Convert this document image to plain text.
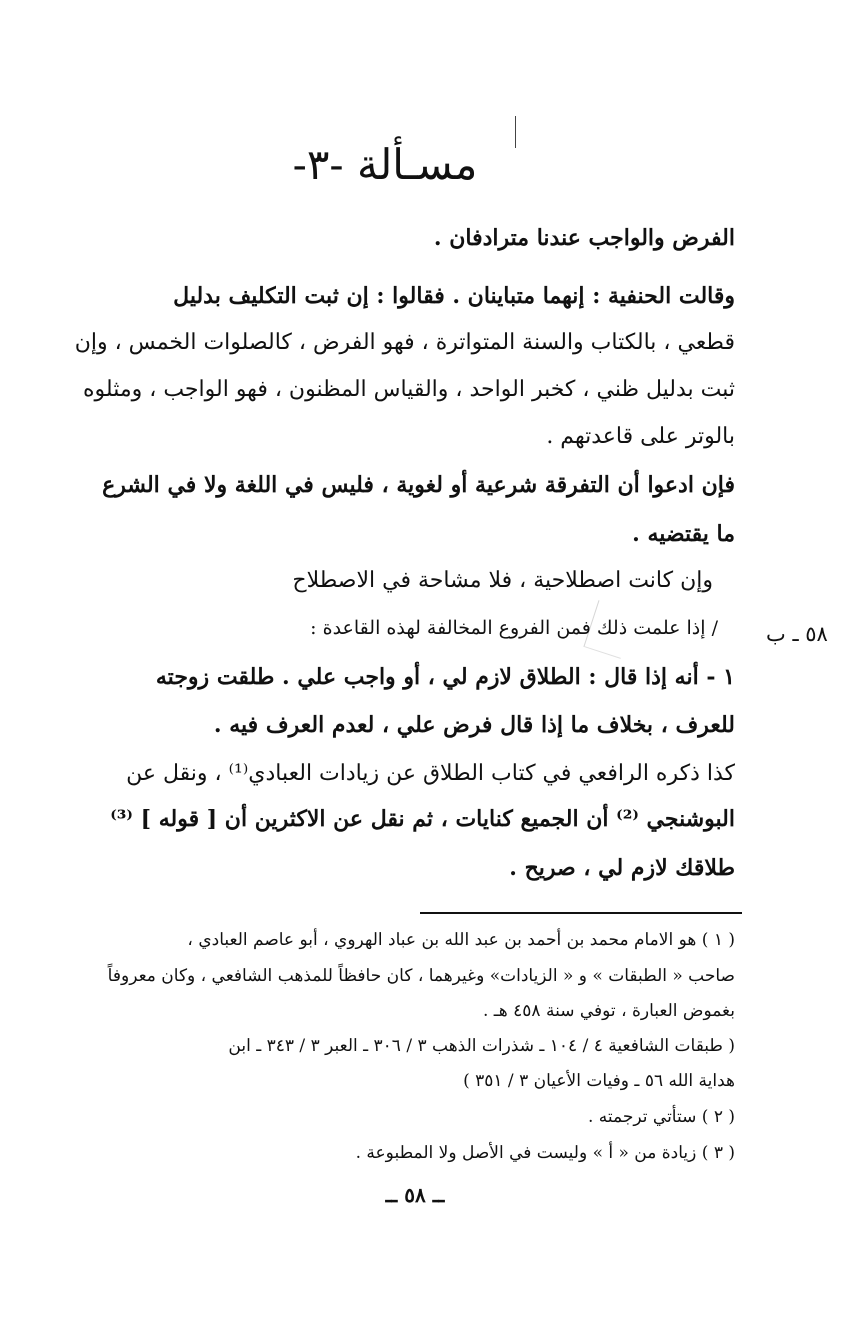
مسـألة -٣-
الفرض والواجب عندنا مترادفان .
وقالت الحنفية : إنهما متباينان . فقالوا : إن ثبت التكليف بدليل
قطعي ، بالكتاب والسنة المتواترة ، فهو الفرض ، كالصلوات الخمس ، وإن
ثبت بدليل ظني ، كخبر الواحد ، والقياس المظنون ، فهو الواجب ، ومثلوه
بالوتر على قاعدتهم .
فإن ادعوا أن التفرقة شرعية أو لغوية ، فليس في اللغة ولا في الشرع
ما يقتضيه .
وإن كانت اصطلاحية ، فلا مشاحة في الاصطلاح
/ إذا علمت ذلك فمن الفروع المخالفة لهذه القاعدة : ٥٨ ـ ب
١ - أنه إذا قال : الطلاق لازم لي ، أو واجب علي . طلقت زوجته
للعرف ، بخلاف ما إذا قال فرض علي ، لعدم العرف فيه .
كذا ذكره الرافعي في كتاب الطلاق عن زيادات العبادي⁽¹⁾ ، ونقل عن
البوشنجي ⁽²⁾ أن الجميع كنايات ، ثم نقل عن الاكثرين أن [ قوله ] ⁽³⁾
طلاقك لازم لي ، صريح .
( ١ ) هو الامام محمد بن أحمد بن عبد الله بن عباد الهروي ، أبو عاصم العبادي ،
صاحب « الطبقات » و « الزيادات» وغيرهما ، كان حافظاً للمذهب الشافعي ، وكان معروفاً
بغموض العبارة ، توفي سنة ٤٥٨ هـ .
( طبقات الشافعية ٤ / ١٠٤ ـ شذرات الذهب ٣ / ٣٠٦ ـ العبر ٣ / ٣٤٣ ـ ابن
هداية الله ٥٦ ـ وفيات الأعيان ٣ / ٣٥١ )
( ٢ ) ستأتي ترجمته .
( ٣ ) زيادة من « أ » وليست في الأصل ولا المطبوعة .
ــ ٥٨ ــ
